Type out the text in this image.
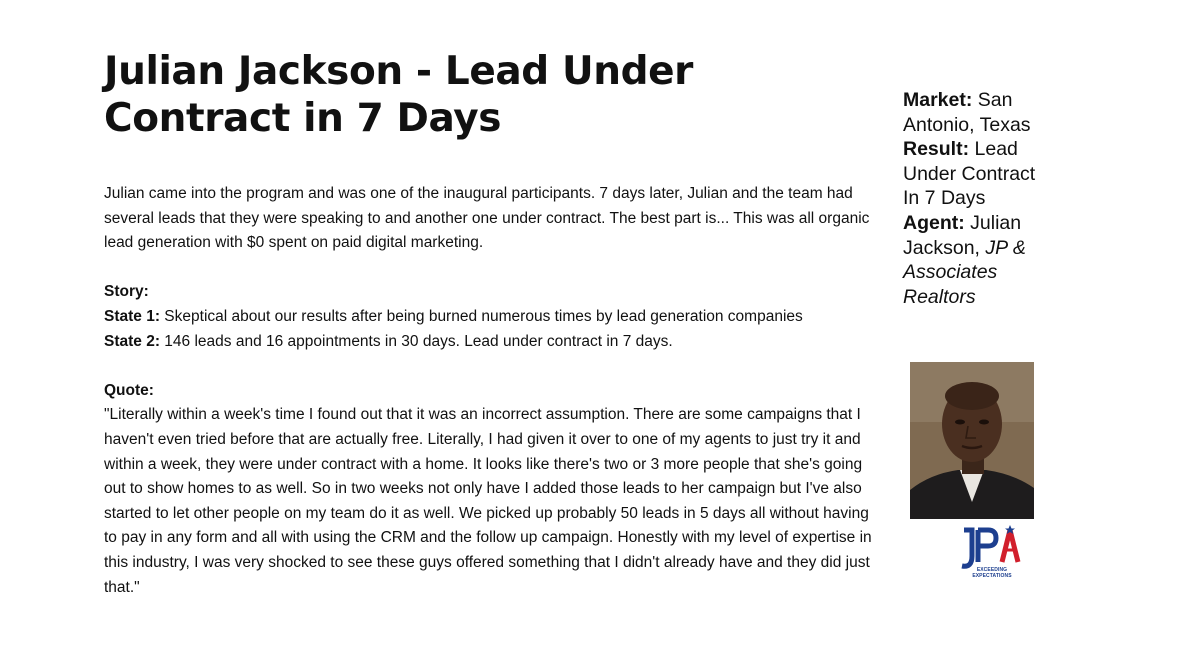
Julian Jackson - Lead Under Contract in 7 Days

Julian came into the program and was one of the inaugural participants. 7 days later, Julian and the team had several leads that they were speaking to and another one under contract. The best part is... This was all organic lead generation with $0 spent on paid digital marketing.

Story:

State 1: Skeptical about our results after being burned numerous times by lead generation companies

State 2: 146 leads and 16 appointments in 30 days. Lead under contract in 7 days.

Quote:

"Literally within a week's time I found out that it was an incorrect assumption. There are some campaigns that I haven't even tried before that are actually free. Literally, I had given it over to one of my agents to just try it and within a week, they were under contract with a home. It looks like there's two or 3 more people that she's going out to show homes to as well. So in two weeks not only have I added those leads to her campaign but I've also started to let other people on my team do it as well. We picked up probably 50 leads in 5 days all without having to pay in any form and all with using the CRM and the follow up campaign. Honestly with my level of expertise in this industry, I was very shocked to see these guys offered something that I didn't already have and they did just that."

Market: San Antonio, Texas
Result: Lead Under Contract In 7 Days
Agent: Julian Jackson, JP & Associates Realtors
EXCEEDING EXPECTATIONS
